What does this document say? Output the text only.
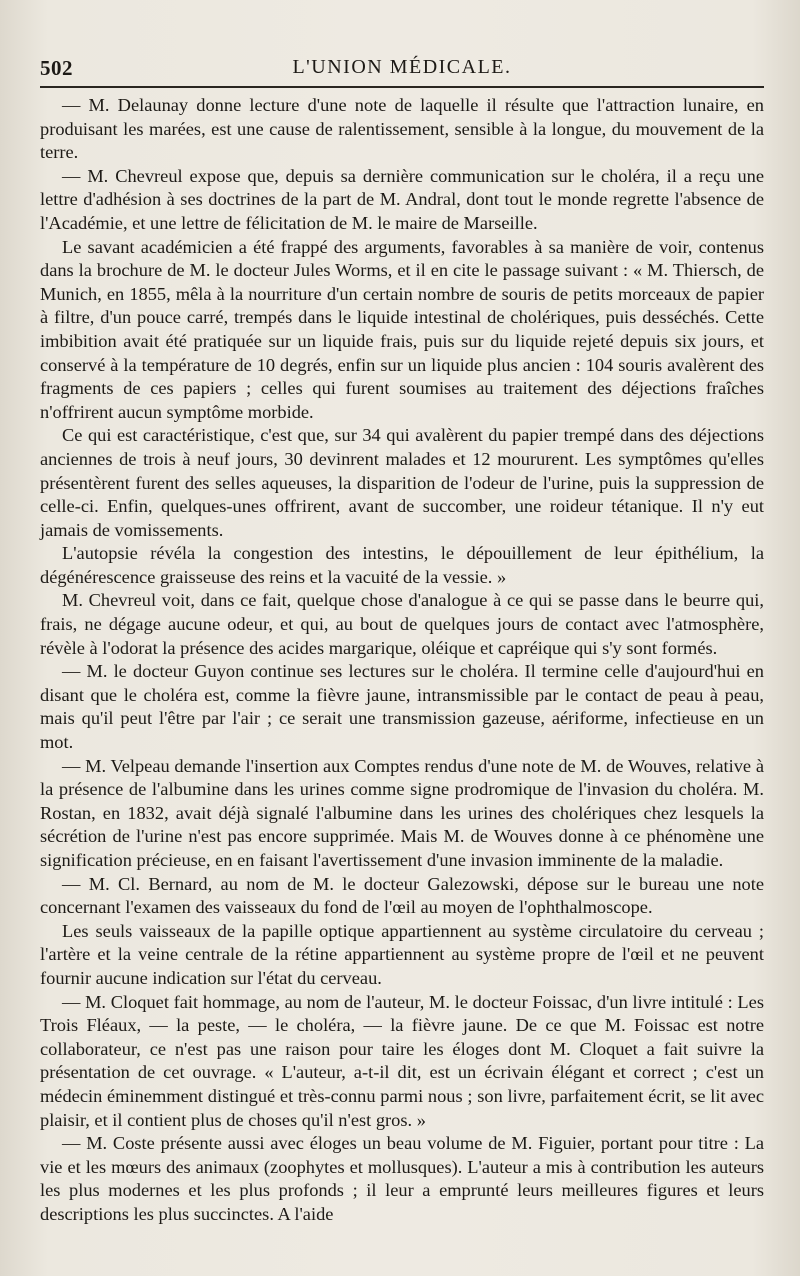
502	L'UNION MÉDICALE.

— M. Delaunay donne lecture d'une note de laquelle il résulte que l'attraction lunaire, en produisant les marées, est une cause de ralentissement, sensible à la longue, du mouvement de la terre.

— M. Chevreul expose que, depuis sa dernière communication sur le choléra, il a reçu une lettre d'adhésion à ses doctrines de la part de M. Andral, dont tout le monde regrette l'absence de l'Académie, et une lettre de félicitation de M. le maire de Marseille.

Le savant académicien a été frappé des arguments, favorables à sa manière de voir, contenus dans la brochure de M. le docteur Jules Worms, et il en cite le passage suivant : « M. Thiersch, de Munich, en 1855, mêla à la nourriture d'un certain nombre de souris de petits morceaux de papier à filtre, d'un pouce carré, trempés dans le liquide intestinal de cholériques, puis desséchés. Cette imbibition avait été pratiquée sur un liquide frais, puis sur du liquide rejeté depuis six jours, et conservé à la température de 10 degrés, enfin sur un liquide plus ancien : 104 souris avalèrent des fragments de ces papiers ; celles qui furent soumises au traitement des déjections fraîches n'offrirent aucun symptôme morbide.

Ce qui est caractéristique, c'est que, sur 34 qui avalèrent du papier trempé dans des déjections anciennes de trois à neuf jours, 30 devinrent malades et 12 moururent. Les symptômes qu'elles présentèrent furent des selles aqueuses, la disparition de l'odeur de l'urine, puis la suppression de celle-ci. Enfin, quelques-unes offrirent, avant de succomber, une roideur tétanique. Il n'y eut jamais de vomissements.

L'autopsie révéla la congestion des intestins, le dépouillement de leur épithélium, la dégénérescence graisseuse des reins et la vacuité de la vessie. »

M. Chevreul voit, dans ce fait, quelque chose d'analogue à ce qui se passe dans le beurre qui, frais, ne dégage aucune odeur, et qui, au bout de quelques jours de contact avec l'atmosphère, révèle à l'odorat la présence des acides margarique, oléique et capréique qui s'y sont formés.

— M. le docteur Guyon continue ses lectures sur le choléra. Il termine celle d'aujourd'hui en disant que le choléra est, comme la fièvre jaune, intransmissible par le contact de peau à peau, mais qu'il peut l'être par l'air ; ce serait une transmission gazeuse, aériforme, infectieuse en un mot.

— M. Velpeau demande l'insertion aux Comptes rendus d'une note de M. de Wouves, relative à la présence de l'albumine dans les urines comme signe prodromique de l'invasion du choléra. M. Rostan, en 1832, avait déjà signalé l'albumine dans les urines des cholériques chez lesquels la sécrétion de l'urine n'est pas encore supprimée. Mais M. de Wouves donne à ce phénomène une signification précieuse, en en faisant l'avertissement d'une invasion imminente de la maladie.

— M. Cl. Bernard, au nom de M. le docteur Galezowski, dépose sur le bureau une note concernant l'examen des vaisseaux du fond de l'œil au moyen de l'ophthalmoscope.

Les seuls vaisseaux de la papille optique appartiennent au système circulatoire du cerveau ; l'artère et la veine centrale de la rétine appartiennent au système propre de l'œil et ne peuvent fournir aucune indication sur l'état du cerveau.

— M. Cloquet fait hommage, au nom de l'auteur, M. le docteur Foissac, d'un livre intitulé : Les Trois Fléaux, — la peste, — le choléra, — la fièvre jaune. De ce que M. Foissac est notre collaborateur, ce n'est pas une raison pour taire les éloges dont M. Cloquet a fait suivre la présentation de cet ouvrage. « L'auteur, a-t-il dit, est un écrivain élégant et correct ; c'est un médecin éminemment distingué et très-connu parmi nous ; son livre, parfaitement écrit, se lit avec plaisir, et il contient plus de choses qu'il n'est gros. »

— M. Coste présente aussi avec éloges un beau volume de M. Figuier, portant pour titre : La vie et les mœurs des animaux (zoophytes et mollusques). L'auteur a mis à contribution les auteurs les plus modernes et les plus profonds ; il leur a emprunté leurs meilleures figures et leurs descriptions les plus succinctes. A l'aide
